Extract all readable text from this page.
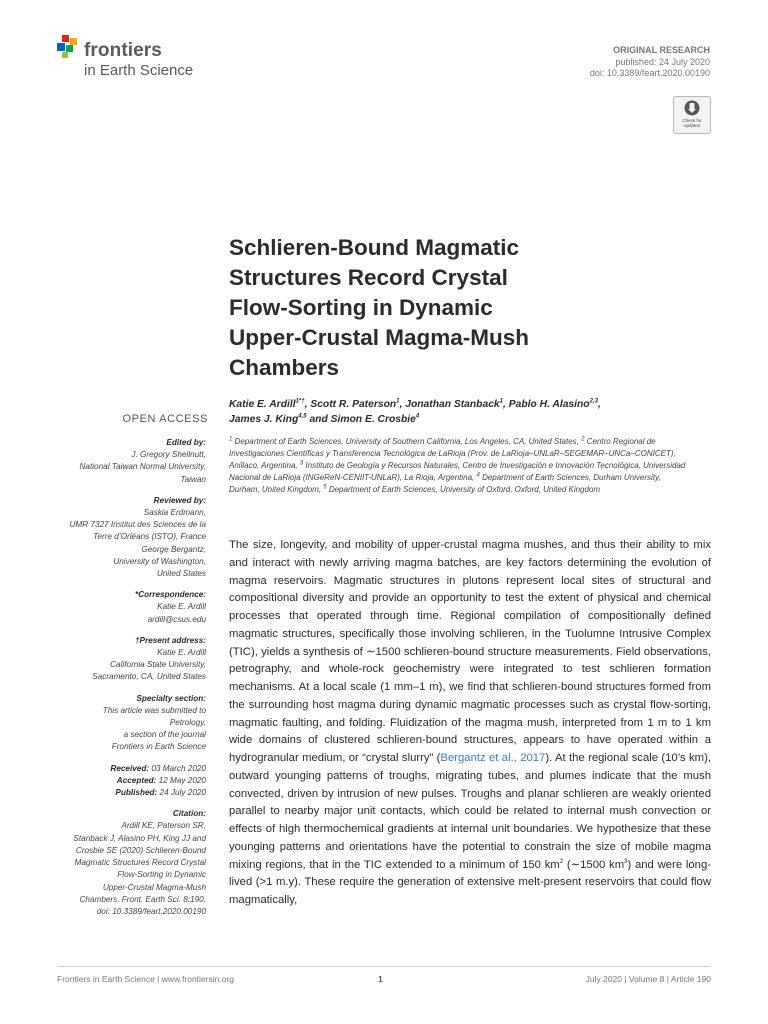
frontiers
in Earth Science
ORIGINAL RESEARCH
published: 24 July 2020
doi: 10.3389/feart.2020.00190
Check for updates
Schlieren-Bound Magmatic
Structures Record Crystal
Flow-Sorting in Dynamic
Upper-Crustal Magma-Mush
Chambers
Katie E. Ardill$^{1*\dagger}$, Scott R. Paterson$^1$, Jonathan Stanback$^1$, Pablo H. Alasino$^{2,3}$,
James J. King$^{4,5}$ and Simon E. Crosbie$^4$
$^1$ Department of Earth Sciences, University of Southern California, Los Angeles, CA, United States, $^2$ Centro Regional de Investigaciones Científicas y Transferencia Tecnológica de LaRioja (Prov. de LaRioja–UNLaR–SEGEMAR–UNCa–CONICET), Anillaco, Argentina, $^3$ Instituto de Geología y Recursos Naturales, Centro de Investigación e Innovación Tecnológica, Universidad Nacional de LaRioja (INGeReN-CENIIT-UNLaR), La Rioja, Argentina, $^4$ Department of Earth Sciences, Durham University, Durham, United Kingdom, $^5$ Department of Earth Sciences, University of Oxford, Oxford, United Kingdom
OPEN ACCESS
Edited by:
J. Gregory Shellnutt,
National Taiwan Normal University,
Taiwan
Reviewed by:
Saskia Erdmann,
UMR 7327 Institut des Sciences de la
Terre d’Orléans (ISTO), France
George Bergantz,
University of Washington,
United States
*Correspondence:
Katie E. Ardill
ardill@csus.edu
†Present address:
Katie E. Ardill
California State University,
Sacramento, CA, United States
Specialty section:
This article was submitted to
Petrology,
a section of the journal
Frontiers in Earth Science
Received: 03 March 2020
Accepted: 12 May 2020
Published: 24 July 2020
Citation:
Ardill KE, Paterson SR,
Stanback J, Alasino PH, King JJ and
Crosbie SE (2020) Schlieren-Bound
Magmatic Structures Record Crystal
Flow-Sorting in Dynamic
Upper-Crustal Magma-Mush
Chambers. Front. Earth Sci. 8:190.
doi: 10.3389/feart.2020.00190

The size, longevity, and mobility of upper-crustal magma mushes, and thus their ability to mix and interact with newly arriving magma batches, are key factors determining the evolution of magma reservoirs. Magmatic structures in plutons represent local sites of structural and compositional diversity and provide an opportunity to test the extent of physical and chemical processes that operated through time. Regional compilation of compositionally defined magmatic structures, specifically those involving schlieren, in the Tuolumne Intrusive Complex (TIC), yields a synthesis of ∼1500 schlieren-bound structure measurements. Field observations, petrography, and whole-rock geochemistry were integrated to test schlieren formation mechanisms. At a local scale (1 mm–1 m), we find that schlieren-bound structures formed from the surrounding host magma during dynamic magmatic processes such as crystal flow-sorting, magmatic faulting, and folding. Fluidization of the magma mush, interpreted from 1 m to 1 km wide domains of clustered schlieren-bound structures, appears to have operated within a hydrogranular medium, or “crystal slurry” (Bergantz et al., 2017). At the regional scale (10’s km), outward younging patterns of troughs, migrating tubes, and plumes indicate that the mush convected, driven by intrusion of new pulses. Troughs and planar schlieren are weakly oriented parallel to nearby major unit contacts, which could be related to internal mush convection or effects of high thermochemical gradients at internal unit boundaries. We hypothesize that these younging patterns and orientations have the potential to constrain the size of mobile magma mixing regions, that in the TIC extended to a minimum of 150 $km^2$ (∼1500 $km^3$) and were long-lived (>1 m.y). These require the generation of extensive melt-present reservoirs that could flow magmatically,

Frontiers in Earth Science | www.frontiersin.org	1	July 2020 | Volume 8 | Article 190
